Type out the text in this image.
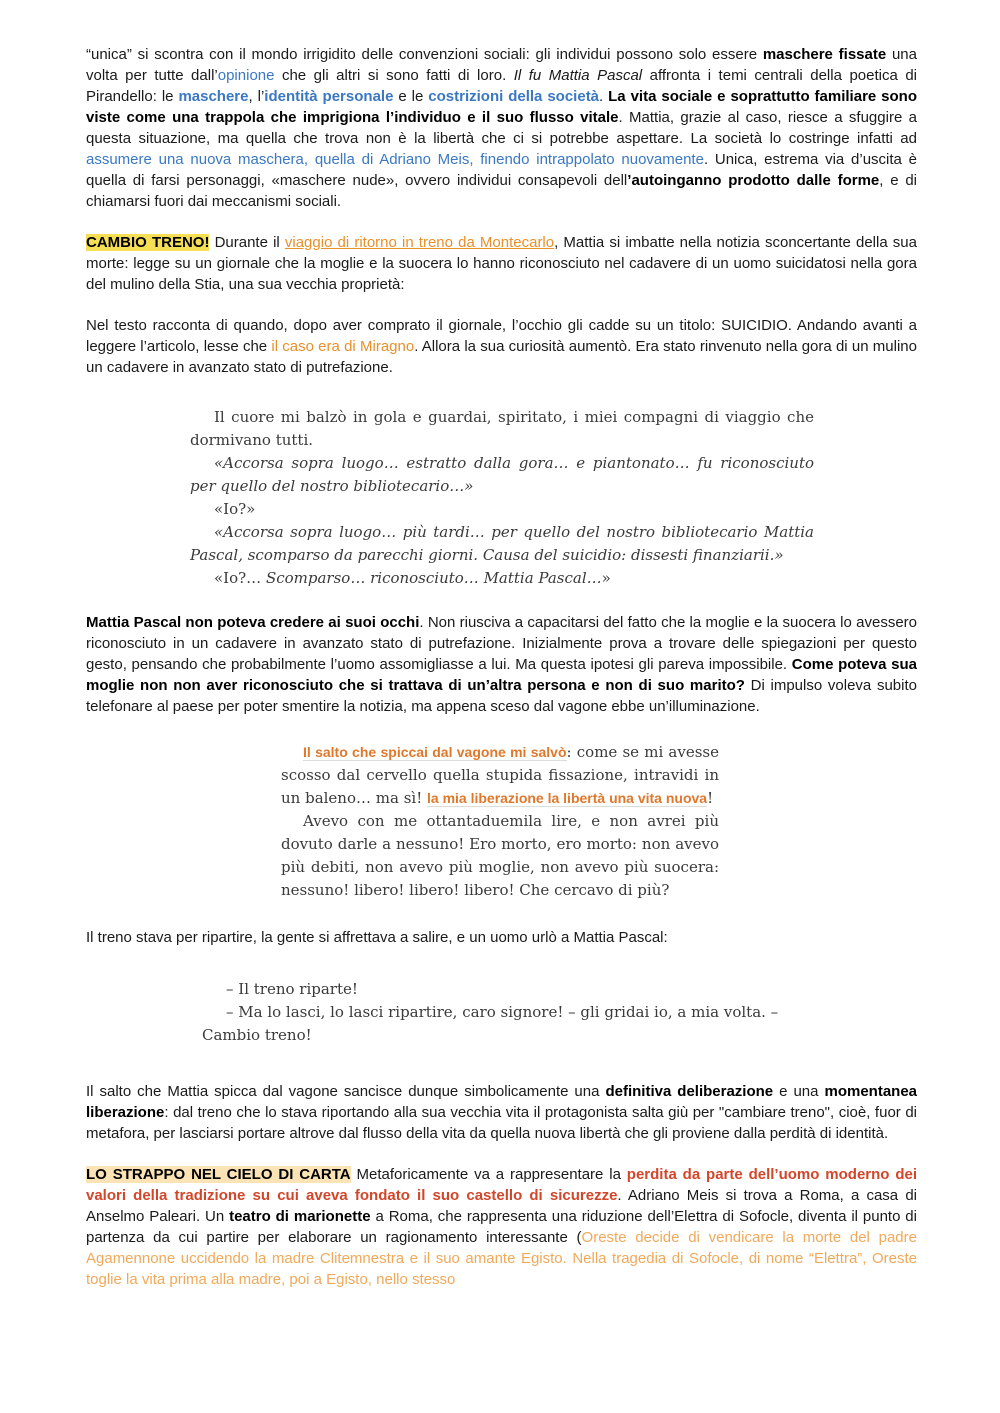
“unica” si scontra con il mondo irrigidito delle convenzioni sociali: gli individui possono solo essere maschere fissate una volta per tutte dall’opinione che gli altri si sono fatti di loro. Il fu Mattia Pascal affronta i temi centrali della poetica di Pirandello: le maschere, l’identità personale e le costrizioni della società. La vita sociale e soprattutto familiare sono viste come una trappola che imprigiona l’individuo e il suo flusso vitale. Mattia, grazie al caso, riesce a sfuggire a questa situazione, ma quella che trova non è la libertà che ci si potrebbe aspettare. La società lo costringe infatti ad assumere una nuova maschera, quella di Adriano Meis, finendo intrappolato nuovamente. Unica, estrema via d’uscita è quella di farsi personaggi, «maschere nude», ovvero individui consapevoli dell’autoinganno prodotto dalle forme, e di chiamarsi fuori dai meccanismi sociali.

CAMBIO TRENO! Durante il viaggio di ritorno in treno da Montecarlo, Mattia si imbatte nella notizia sconcertante della sua morte: legge su un giornale che la moglie e la suocera lo hanno riconosciuto nel cadavere di un uomo suicidatosi nella gora del mulino della Stia, una sua vecchia proprietà:

Nel testo racconta di quando, dopo aver comprato il giornale, l’occhio gli cadde su un titolo: SUICIDIO. Andando avanti a leggere l’articolo, lesse che il caso era di Miragno. Allora la sua curiosità aumentò. Era stato rinvenuto nella gora di un mulino un cadavere in avanzato stato di putrefazione.

Il cuore mi balzò in gola e guardai, spiritato, i miei compagni di viaggio che dormivano tutti.
«Accorsa sopra luogo… estratto dalla gora… e piantonato… fu riconosciuto per quello del nostro bibliotecario…»
«Io?»
«Accorsa sopra luogo… più tardi… per quello del nostro bibliotecario Mattia Pascal, scomparso da parecchi giorni. Causa del suicidio: dissesti finanziarii.»
«Io?… Scomparso… riconosciuto… Mattia Pascal…»

Mattia Pascal non poteva credere ai suoi occhi. Non riusciva a capacitarsi del fatto che la moglie e la suocera lo avessero riconosciuto in un cadavere in avanzato stato di putrefazione. Inizialmente prova a trovare delle spiegazioni per questo gesto, pensando che probabilmente l’uomo assomigliasse a lui. Ma questa ipotesi gli pareva impossibile. Come poteva sua moglie non non aver riconosciuto che si trattava di un’altra persona e non di suo marito? Di impulso voleva subito telefonare al paese per poter smentire la notizia, ma appena sceso dal vagone ebbe un’illuminazione.

Il salto che spiccai dal vagone mi salvò: come se mi avesse scosso dal cervello quella stupida fissazione, intravidi in un baleno… ma sì! la mia liberazione la libertà una vita nuova!
Avevo con me ottantaduemila lire, e non avrei più dovuto darle a nessuno! Ero morto, ero morto: non avevo più debiti, non avevo più moglie, non avevo più suocera: nessuno! libero! libero! libero! Che cercavo di più?

Il treno stava per ripartire, la gente si affrettava a salire, e un uomo urlò a Mattia Pascal:

– Il treno riparte!
– Ma lo lasci, lo lasci ripartire, caro signore! – gli gridai io, a mia volta. – Cambio treno!

Il salto che Mattia spicca dal vagone sancisce dunque simbolicamente una definitiva deliberazione e una momentanea liberazione: dal treno che lo stava riportando alla sua vecchia vita il protagonista salta giù per "cambiare treno", cioè, fuor di metafora, per lasciarsi portare altrove dal flusso della vita da quella nuova libertà che gli proviene dalla perdità di identità.

LO STRAPPO NEL CIELO DI CARTA Metaforicamente va a rappresentare la perdita da parte dell’uomo moderno dei valori della tradizione su cui aveva fondato il suo castello di sicurezze. Adriano Meis si trova a Roma, a casa di Anselmo Paleari. Un teatro di marionette a Roma, che rappresenta una riduzione dell’Elettra di Sofocle, diventa il punto di partenza da cui partire per elaborare un ragionamento interessante (Oreste decide di vendicare la morte del padre Agamennone uccidendo la madre Clitemnestra e il suo amante Egisto. Nella tragedia di Sofocle, di nome “Elettra”, Oreste toglie la vita prima alla madre, poi a Egisto, nello stesso
